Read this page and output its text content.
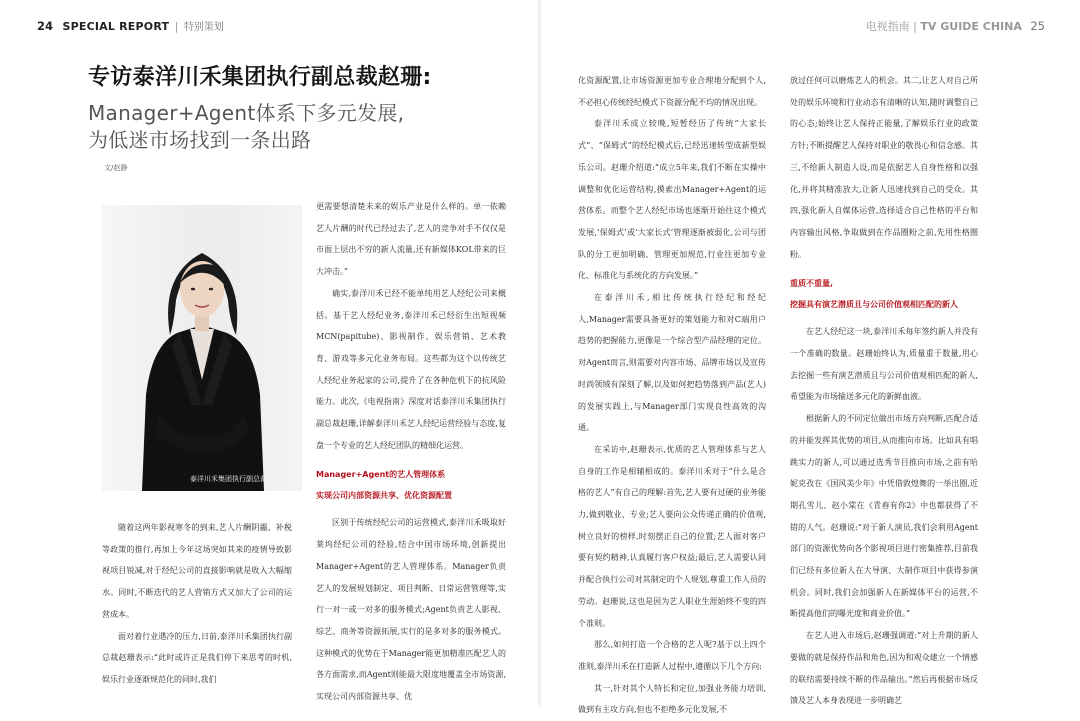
24 SPECIAL REPORT | 特别策划	电视指南 | TV GUIDE CHINA 25
专访泰洋川禾集团执行副总裁赵珊:
Manager+Agent体系下多元发展,
为低迷市场找到一条出路
文/赵静
泰洋川禾集团执行副总裁赵珊

随着这两年影视寒冬的到来,艺人片酬阴霾、补税等政策的推行,再加上今年这场突如其来的疫情导致影视项目锐减,对于经纪公司的直接影响就是收入大幅缩水。同时,不断迭代的艺人营销方式又加大了公司的运营成本。

面对着行业遇冷的压力,日前,泰洋川禾集团执行副总裁赵珊表示:“此时或许正是我们停下来思考的时机,娱乐行业逐渐规范化的同时,我们

更需要想清楚未来的娱乐产业是什么样的。单一依赖艺人片酬的时代已经过去了,艺人的竞争对手不仅仅是市面上层出不穷的新人流量,还有新媒体KOL带来的巨大冲击。”

确实,泰洋川禾已经不能单纯用艺人经纪公司来概括。基于艺人经纪业务,泰洋川禾已经衍生出短视频MCN(papitube)、影视制作、娱乐营销、艺术教育、游戏等多元化业务布局。这些都为这个以传统艺人经纪业务起家的公司,提升了在各种危机下的抗风险能力。此次,《电视指南》深度对话泰洋川禾集团执行副总裁赵珊,详解泰洋川禾艺人经纪运营经验与态度,复盘一个专业的艺人经纪团队的精细化运营。

Manager+Agent的艺人管理体系
实现公司内部资源共享、优化资源配置

区别于传统经纪公司的运营模式,泰洋川禾吸取好莱坞经纪公司的经验,结合中国市场环境,创新提出Manager+Agent的艺人管理体系。Manager负责艺人的发展规划制定、项目判断、日常运营管理等,实行一对一或一对多的服务模式;Agent负责艺人影视、综艺、商务等资源拓展,实行的是多对多的服务模式。这种模式的优势在于Manager能更加精准匹配艺人的各方面需求,而Agent则能最大限度地覆盖全市场资源,实现公司内部资源共享、优

化资源配置,让市场资源更加专业合理地分配到个人,不必担心传统经纪模式下资源分配不均的情况出现。

泰洋川禾成立较晚,短暂经历了传统“大家长式”、“保姆式”的经纪模式后,已经迅速转型成新型娱乐公司。赵珊介绍道:“成立5年来,我们不断在实操中调整和优化运营结构,摸索出Manager+Agent的运营体系。而整个艺人经纪市场也逐渐开始往这个模式发展,‘保姆式’或‘大家长式’管理逐渐被弱化,公司与团队的分工更加明确、管理更加规范,行业往更加专业化、标准化与系统化的方向发展。”

在泰洋川禾,相比传统执行经纪和经纪人,Manager需要具备更好的策划能力和对C端用户趋势的把握能力,更像是一个综合型产品经理的定位。对Agent而言,则需要对内容市场、品牌市场以及宣传时尚领域有深刻了解,以及如何把趋势落到产品(艺人)的发展实践上,与Manager部门实现良性高效的沟通。

在采访中,赵珊表示,优质的艺人管理体系与艺人自身的工作是相辅相成的。泰洋川禾对于“什么是合格的艺人”有自己的理解:首先,艺人要有过硬的业务能力,做到敬业、专业;艺人要向公众传递正确的价值观,树立良好的榜样,时刻摆正自己的位置;艺人面对客户要有契约精神,认真履行客户权益;最后,艺人需要认同并配合执行公司对其制定的个人规划,尊重工作人员的劳动。赵珊说,这也是因为艺人职业生涯始终不变的四个准则。

那么,如何打造一个合格的艺人呢?基于以上四个准则,泰洋川禾在打造新人过程中,遵循以下几个方向:

其一,针对其个人特长和定位,加强业务能力培训,做到有主攻方向,但也不拒绝多元化发展,不

放过任何可以磨炼艺人的机会。其二,让艺人对自己所处的娱乐环境和行业动态有清晰的认知,随时调整自己的心态;始终让艺人保持正能量,了解娱乐行业的政策方针;不断提醒艺人保持对职业的敬畏心和信念感。其三,不给新人制造人设,而是依据艺人自身性格和以强化,并将其精准放大,让新人迅速找到自己的受众。其四,强化新人自媒体运营,选择适合自己性格的平台和内容输出风格,争取做到在作品圈粉之前,先用性格圈粉。

重质不重量,
挖掘具有演艺潜质且与公司价值观相匹配的新人

在艺人经纪这一块,泰洋川禾每年签约新人并没有一个准确的数量。赵珊始终认为,质量重于数量,用心去挖掘一些有演艺潜质且与公司价值观相匹配的新人,希望能为市场输送多元化的新鲜血液。

根据新人的不同定位做出市场方向判断,匹配合适的并能发挥其优势的项目,从而推向市场。比如具有唱跳实力的新人,可以通过选秀节目推向市场,之前有哈妮克孜在《国风美少年》中凭借敦煌舞的一举出圈,近期孔雪儿、赵小棠在《青春有你2》中也都获得了不错的人气。赵珊说:“对于新人演员,我们会利用Agent部门的资源优势向各个影视项目进行密集推荐,目前我们已经有多位新人在大导演、大制作项目中获得参演机会。同时,我们会加强新人在新媒体平台的运营,不断提高他们的曝光度和商业价值。”

在艺人进入市场后,赵珊强调道:“对上升期的新人要做的就是保持作品和角色,因为和观众建立一个情感的联结需要持续不断的作品输出。”然后再根据市场反馈及艺人本身表现进一步明确艺
